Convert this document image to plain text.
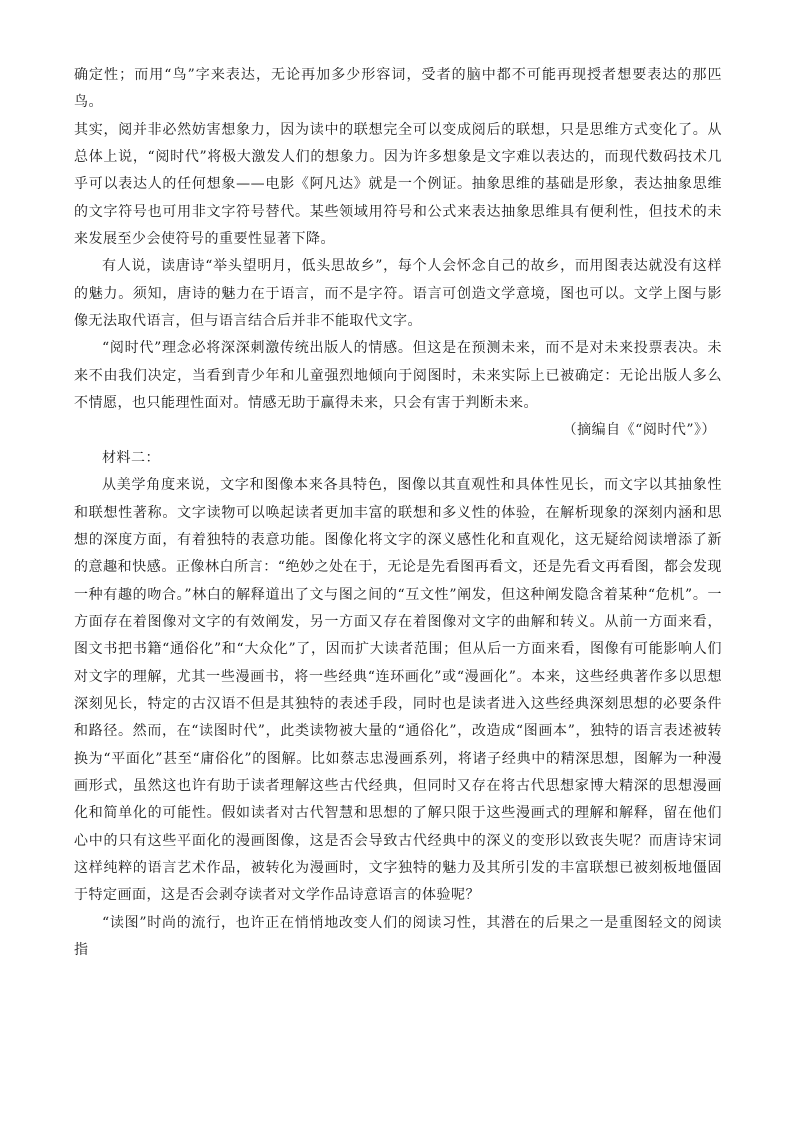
确定性；而用“鸟”字来表达，无论再加多少形容词，受者的脑中都不可能再现授者想要表达的那匹鸟。

其实，阅并非必然妨害想象力，因为读中的联想完全可以变成阅后的联想，只是思维方式变化了。从总体上说，“阅时代”将极大激发人们的想象力。因为许多想象是文字难以表达的，而现代数码技术几乎可以表达人的任何想象——电影《阿凡达》就是一个例证。抽象思维的基础是形象，表达抽象思维的文字符号也可用非文字符号替代。某些领域用符号和公式来表达抽象思维具有便利性，但技术的未来发展至少会使符号的重要性显著下降。

有人说，读唐诗“举头望明月，低头思故乡”，每个人会怀念自己的故乡，而用图表达就没有这样的魅力。须知，唐诗的魅力在于语言，而不是字符。语言可创造文学意境，图也可以。文学上图与影像无法取代语言，但与语言结合后并非不能取代文字。

“阅时代”理念必将深深刺激传统出版人的情感。但这是在预测未来，而不是对未来投票表决。未来不由我们决定，当看到青少年和儿童强烈地倾向于阅图时，未来实际上已被确定：无论出版人多么不情愿，也只能理性面对。情感无助于赢得未来，只会有害于判断未来。

（摘编自《“阅时代”》）

材料二：

从美学角度来说，文字和图像本来各具特色，图像以其直观性和具体性见长，而文字以其抽象性和联想性著称。文字读物可以唤起读者更加丰富的联想和多义性的体验，在解析现象的深刻内涵和思想的深度方面，有着独特的表意功能。图像化将文字的深义感性化和直观化，这无疑给阅读增添了新的意趣和快感。正像林白所言：“绝妙之处在于，无论是先看图再看文，还是先看文再看图，都会发现一种有趣的吻合。”林白的解释道出了文与图之间的“互文性”阐发，但这种阐发隐含着某种“危机”。一方面存在着图像对文字的有效阐发，另一方面又存在着图像对文字的曲解和转义。从前一方面来看，图文书把书籍“通俗化”和“大众化”了，因而扩大读者范围；但从后一方面来看，图像有可能影响人们对文字的理解，尤其一些漫画书，将一些经典“连环画化”或“漫画化”。本来，这些经典著作多以思想深刻见长，特定的古汉语不但是其独特的表述手段，同时也是读者进入这些经典深刻思想的必要条件和路径。然而，在“读图时代”，此类读物被大量的“通俗化”，改造成“图画本”，独特的语言表述被转换为“平面化”甚至“庸俗化”的图解。比如蔡志忠漫画系列，将诸子经典中的精深思想，图解为一种漫画形式，虽然这也许有助于读者理解这些古代经典，但同时又存在将古代思想家博大精深的思想漫画化和简单化的可能性。假如读者对古代智慧和思想的了解只限于这些漫画式的理解和解释，留在他们心中的只有这些平面化的漫画图像，这是否会导致古代经典中的深义的变形以致丧失呢？而唐诗宋词这样纯粹的语言艺术作品，被转化为漫画时，文字独特的魅力及其所引发的丰富联想已被刻板地僵固于特定画面，这是否会剥夺读者对文学作品诗意语言的体验呢？

“读图”时尚的流行，也许正在悄悄地改变人们的阅读习性，其潜在的后果之一是重图轻文的阅读指
